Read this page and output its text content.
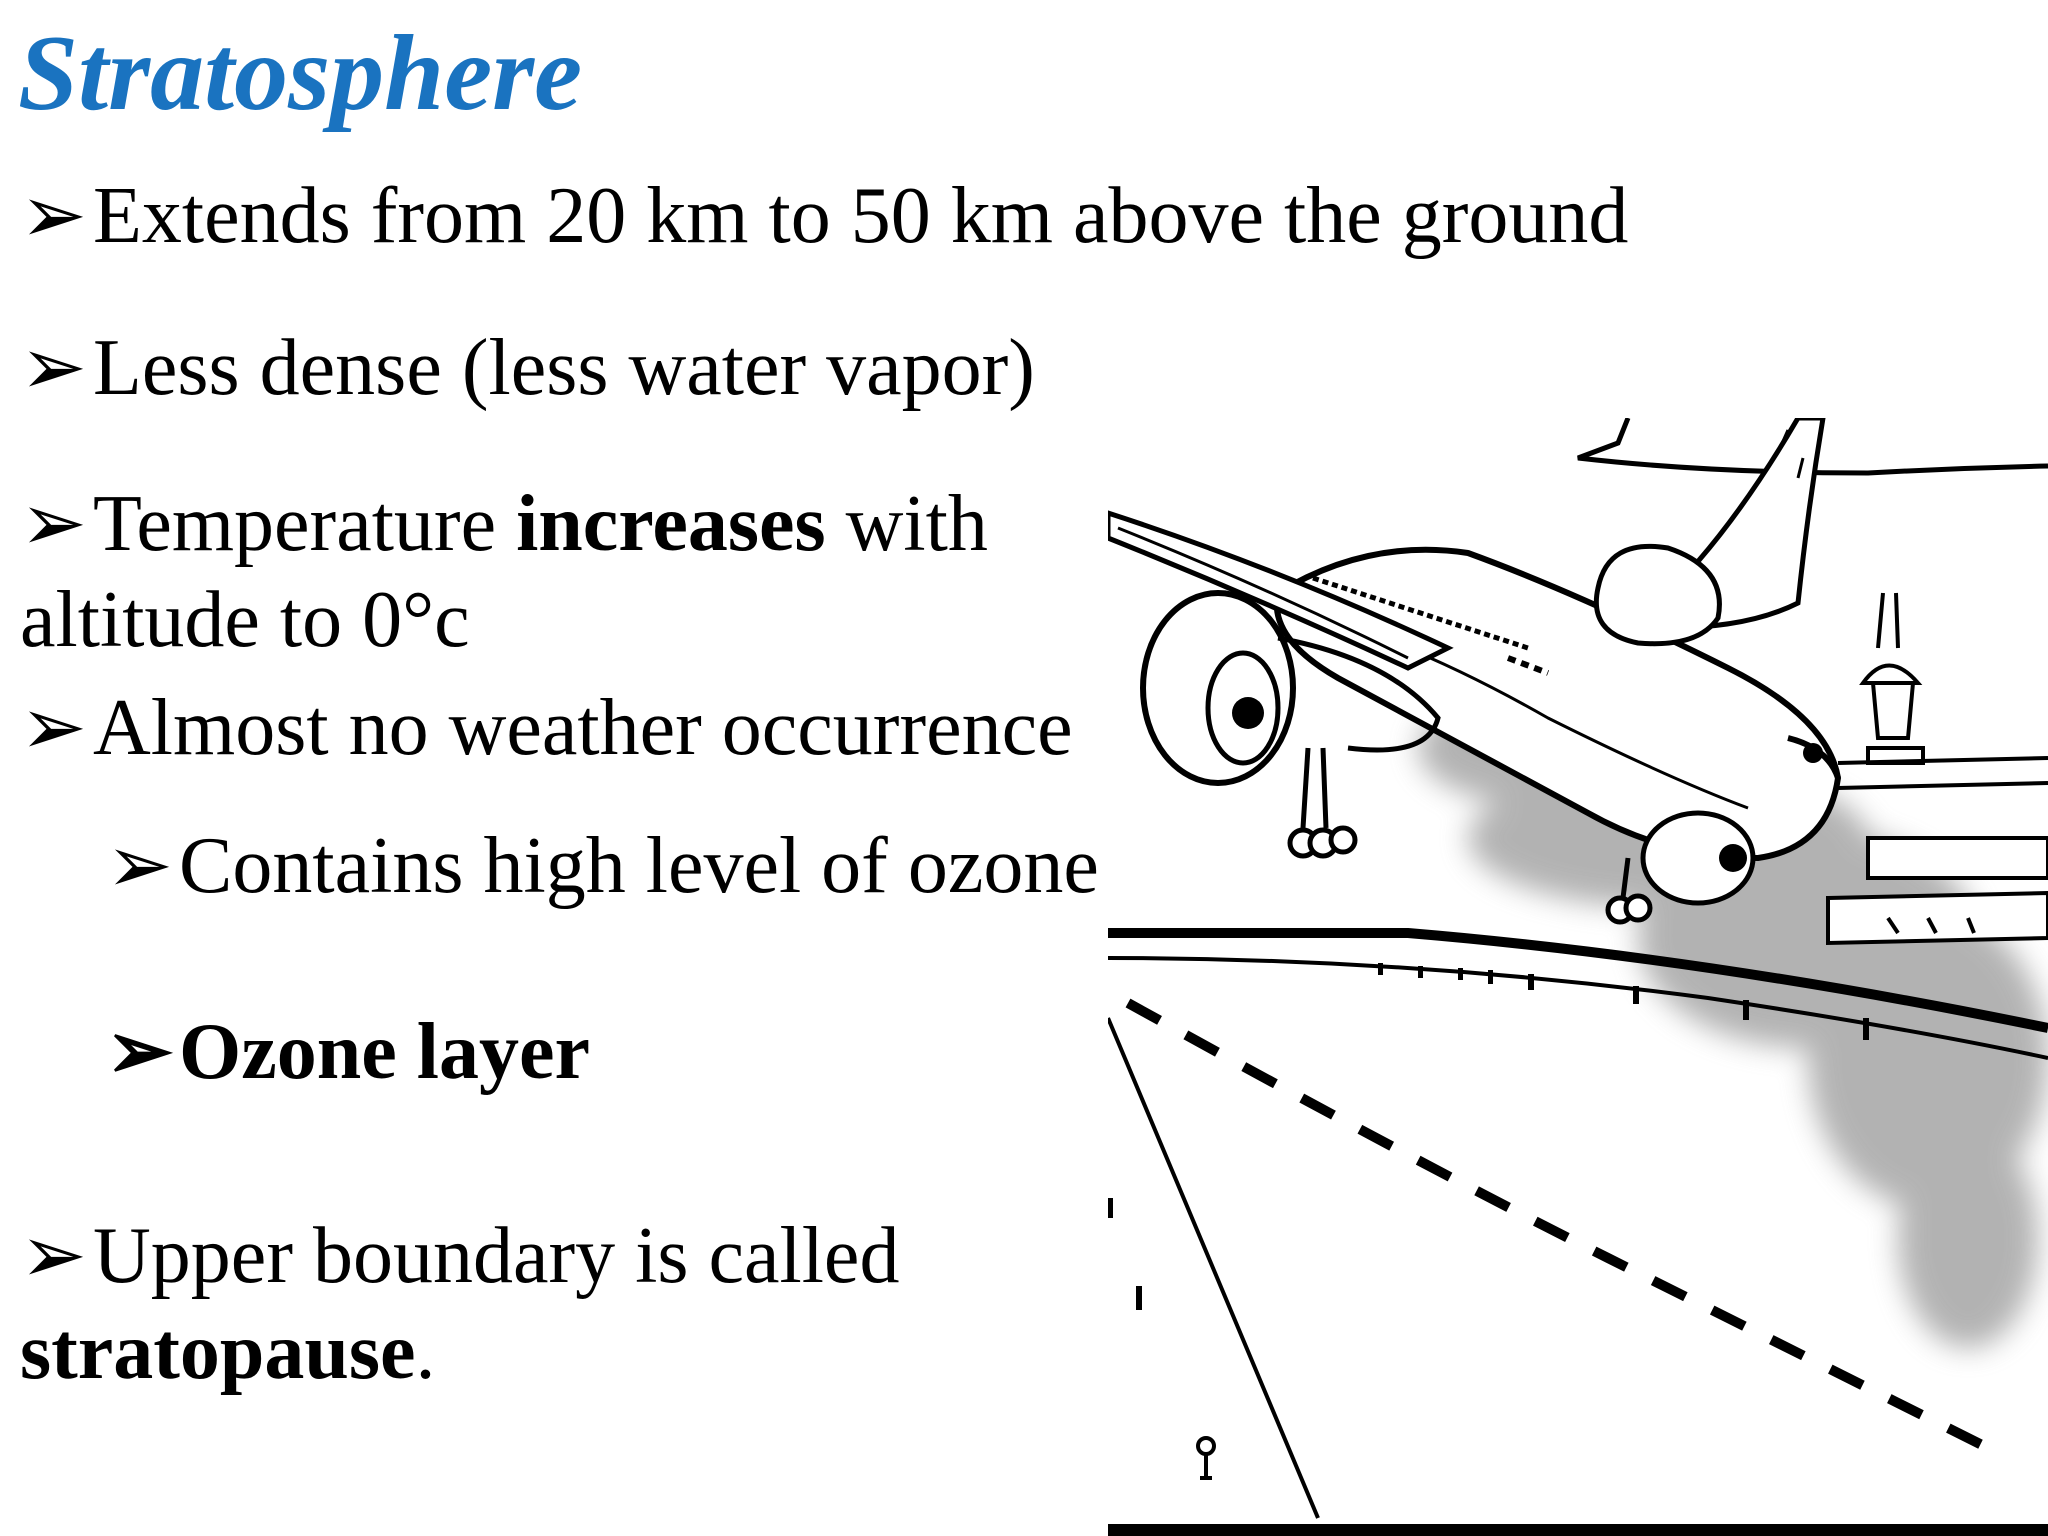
Stratosphere
➢Extends from 20 km to 50 km above the ground
➢Less dense (less water vapor)
➢Temperature increases with
altitude to 0°c
➢Almost no weather occurrence
➢Contains high level of ozone
➢Ozone layer
➢Upper boundary is called
stratopause.
